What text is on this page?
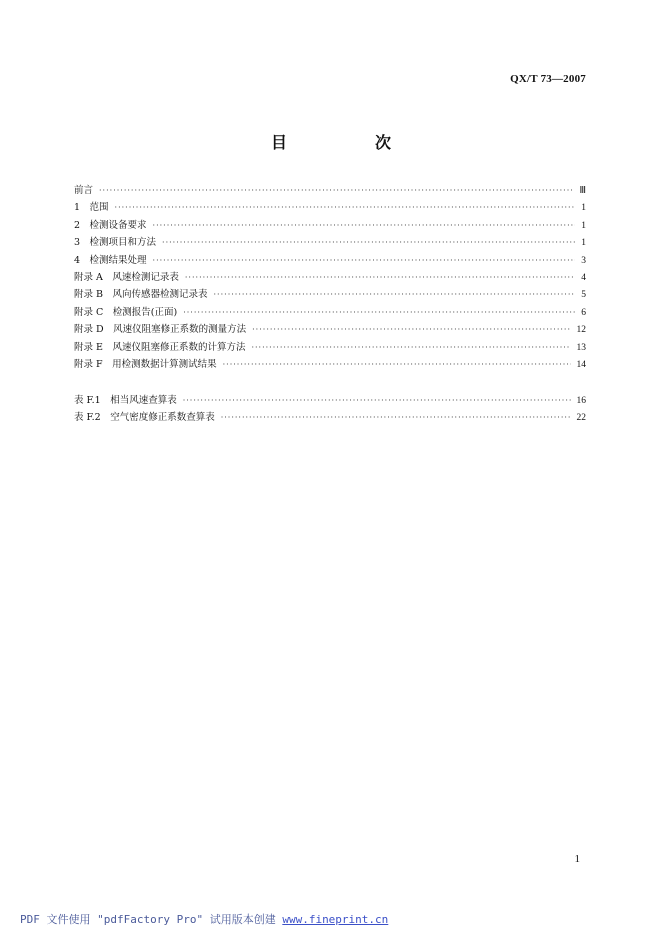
QX/T 73—2007
目　次
前言 ·····	Ⅲ
1　范围 ·····	1
2　检测设备要求 ·····	1
3　检测项目和方法 ·····	1
4　检测结果处理 ·····	3
附录 A　风速检测记录表 ·····	4
附录 B　风向传感器检测记录表 ·····	5
附录 C　检测报告(正面) ·····	6
附录 D　风速仪阻塞修正系数的测量方法 ·····	12
附录 E　风速仪阻塞修正系数的计算方法 ·····	13
附录 F　用检测数据计算测试结果 ·····	14
表 F.1　相当风速查算表 ·····	16
表 F.2　空气密度修正系数查算表 ·····	22
1
PDF 文件使用 "pdfFactory Pro" 试用版本创建 www.fineprint.cn
